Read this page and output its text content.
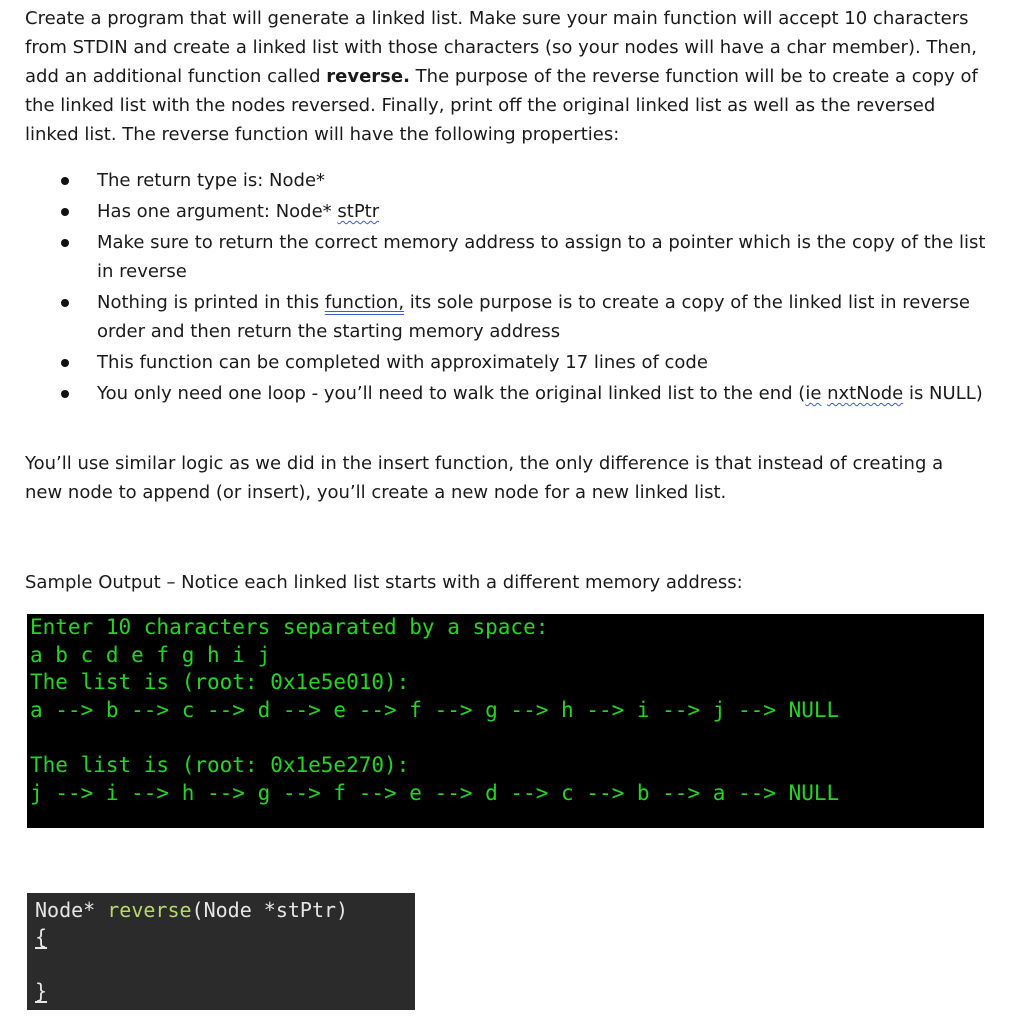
Create a program that will generate a linked list. Make sure your main function will accept 10 characters from STDIN and create a linked list with those characters (so your nodes will have a char member). Then, add an additional function called reverse. The purpose of the reverse function will be to create a copy of the linked list with the nodes reversed. Finally, print off the original linked list as well as the reversed linked list. The reverse function will have the following properties:

The return type is: Node*
Has one argument: Node* stPtr
Make sure to return the correct memory address to assign to a pointer which is the copy of the list in reverse
Nothing is printed in this function, its sole purpose is to create a copy of the linked list in reverse order and then return the starting memory address
This function can be completed with approximately 17 lines of code
You only need one loop - you’ll need to walk the original linked list to the end (ie nxtNode is NULL)

You’ll use similar logic as we did in the insert function, the only difference is that instead of creating a new node to append (or insert), you’ll create a new node for a new linked list.

Sample Output – Notice each linked list starts with a different memory address:

Enter 10 characters separated by a space:
a b c d e f g h i j
The list is (root: 0x1e5e010):
a --> b --> c --> d --> e --> f --> g --> h --> i --> j --> NULL
The list is (root: 0x1e5e270):
j --> i --> h --> g --> f --> e --> d --> c --> b --> a --> NULL
Node* reverse(Node *stPtr)
{
}
